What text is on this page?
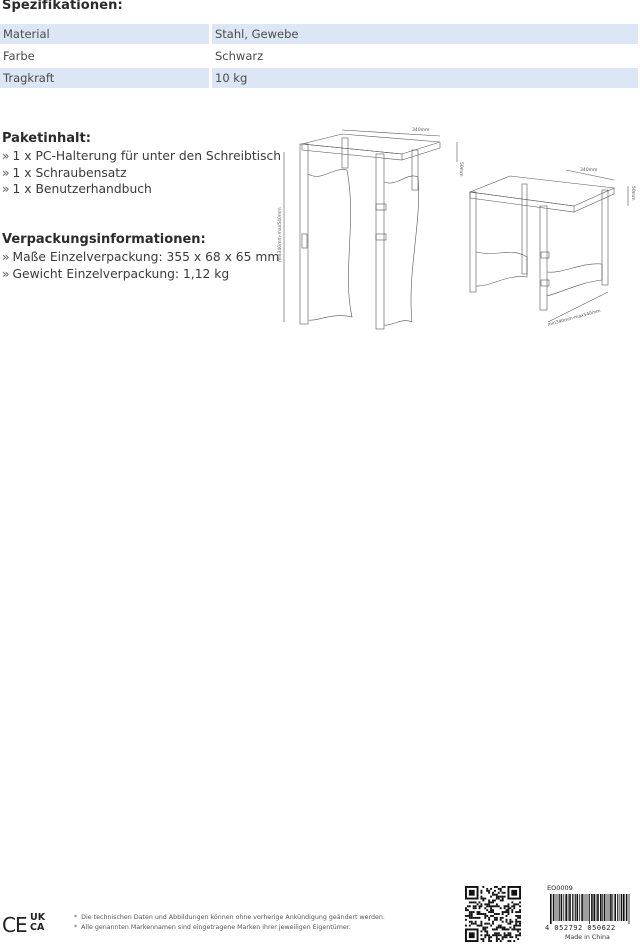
Spezifikationen:
Material		Stahl, Gewebe
Farbe		Schwarz
Tragkraft		10 kg
Paketinhalt:
» 1 x PC-Halterung für unter den Schreibtisch
» 1 x Schraubensatz
» 1 x Benutzerhandbuch
Verpackungsinformationen:
» Maße Einzelverpackung: 355 x 68 x 65 mm
» Gewicht Einzelverpackung: 1,12 kg
340mm
50mm
min340mm-max540mm
340mm
50mm
min340mm-max540mm
CE UK
CA
* Die technischen Daten und Abbildungen können ohne vorherige Ankündigung geändert werden.
* Alle genannten Markennamen sind eingetragene Marken ihrer jeweiligen Eigentümer.
EO0009
4 052792 050622
Made in China
